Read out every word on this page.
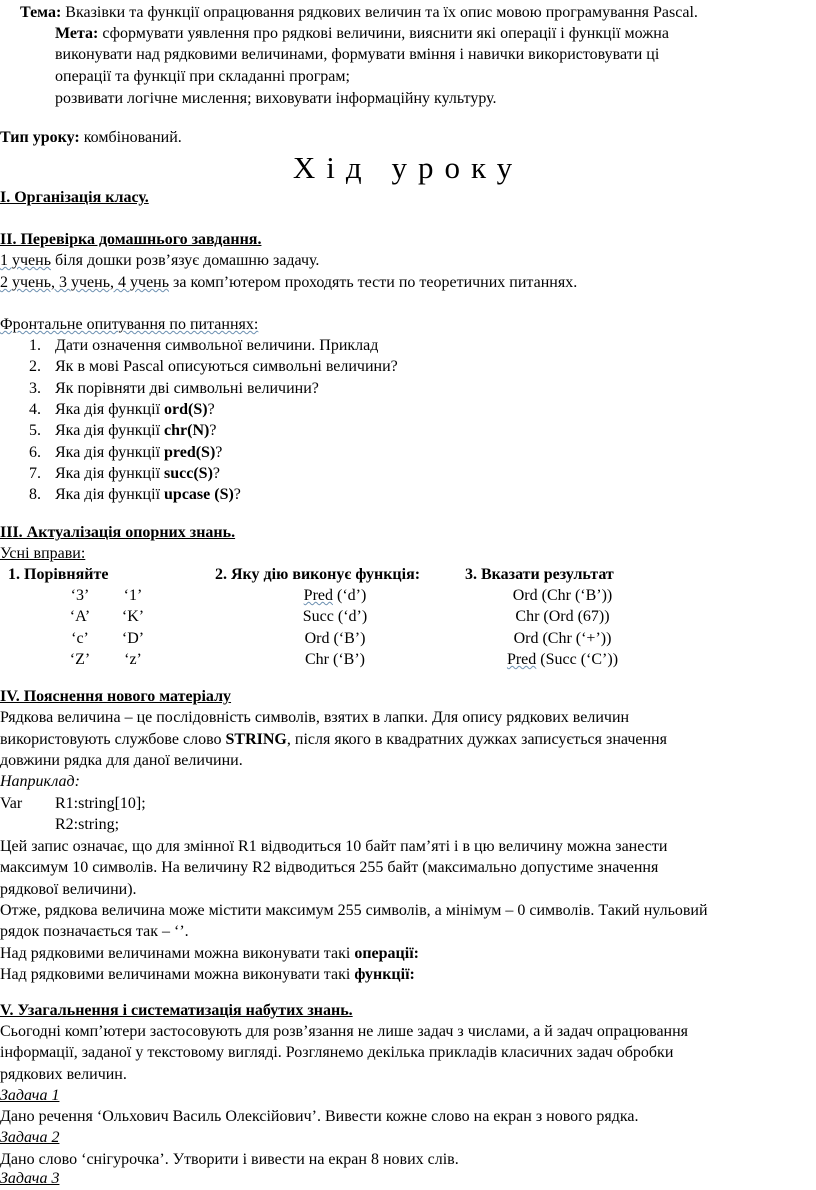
Тема: Вказівки та функції опрацювання рядкових величин та їх опис мовою програмування Pascal.
Мета: сформувати уявлення про рядкові величини, вияснити які операції і функції можна
виконувати над рядковими величинами, формувати вміння і навички використовувати ці
операції та функції при складанні програм;
розвивати логічне мислення; виховувати інформаційну культуру.
Тип уроку: комбінований.
Хід уроку
І. Організація класу.
ІІ. Перевірка домашнього завдання.
1 учень біля дошки розв’язує домашню задачу.
2 учень, 3 учень, 4 учень за комп’ютером проходять тести по теоретичних питаннях.
Фронтальне опитування по питаннях:
1. Дати означення символьної величини. Приклад
2. Як в мові Pascal описуються символьні величини?
3. Як порівняти дві символьні величини?
4. Яка дія функції ord(S)?
5. Яка дія функції chr(N)?
6. Яка дія функції pred(S)?
7. Яка дія функції succ(S)?
8. Яка дія функції upcase (S)?
ІІІ. Актуалізація опорних знань.
Усні вправи:
1. Порівняйте	2. Яку дію виконує функція:	3. Вказати результат
‘3’	‘1’	Pred (‘d’)	Ord (Chr (‘B’))
‘A’	‘K’	Succ (‘d’)	Chr (Ord (67))
‘c’	‘D’	Ord (‘B’)	Ord (Chr (‘+’))
‘Z’	‘z’	Chr (‘B’)	Pred (Succ (‘C’))
IV. Пояснення нового матеріалу
Рядкова величина – це послідовність символів, взятих в лапки. Для опису рядкових величин
використовують службове слово STRING, після якого в квадратних дужках записується значення
довжини рядка для даної величини.
Наприклад:
Var R1:string[10];
R2:string;
Цей запис означає, що для змінної R1 відводиться 10 байт пам’яті і в цю величину можна занести
максимум 10 символів. На величину R2 відводиться 255 байт (максимально допустиме значення
рядкової величини).
Отже, рядкова величина може містити максимум 255 символів, а мінімум – 0 символів. Такий нульовий
рядок позначається так – ‘’.
Над рядковими величинами можна виконувати такі операції:
Над рядковими величинами можна виконувати такі функції:
V. Узагальнення і систематизація набутих знань.
Сьогодні комп’ютери застосовують для розв’язання не лише задач з числами, а й задач опрацювання
інформації, заданої у текстовому вигляді. Розглянемо декілька прикладів класичних задач обробки
рядкових величин.
Задача 1
Дано речення ‘Ольхович Василь Олексійович’. Вивести кожне слово на екран з нового рядка.
Задача 2
Дано слово ‘снігурочка’. Утворити і вивести на екран 8 нових слів.
Задача 3
